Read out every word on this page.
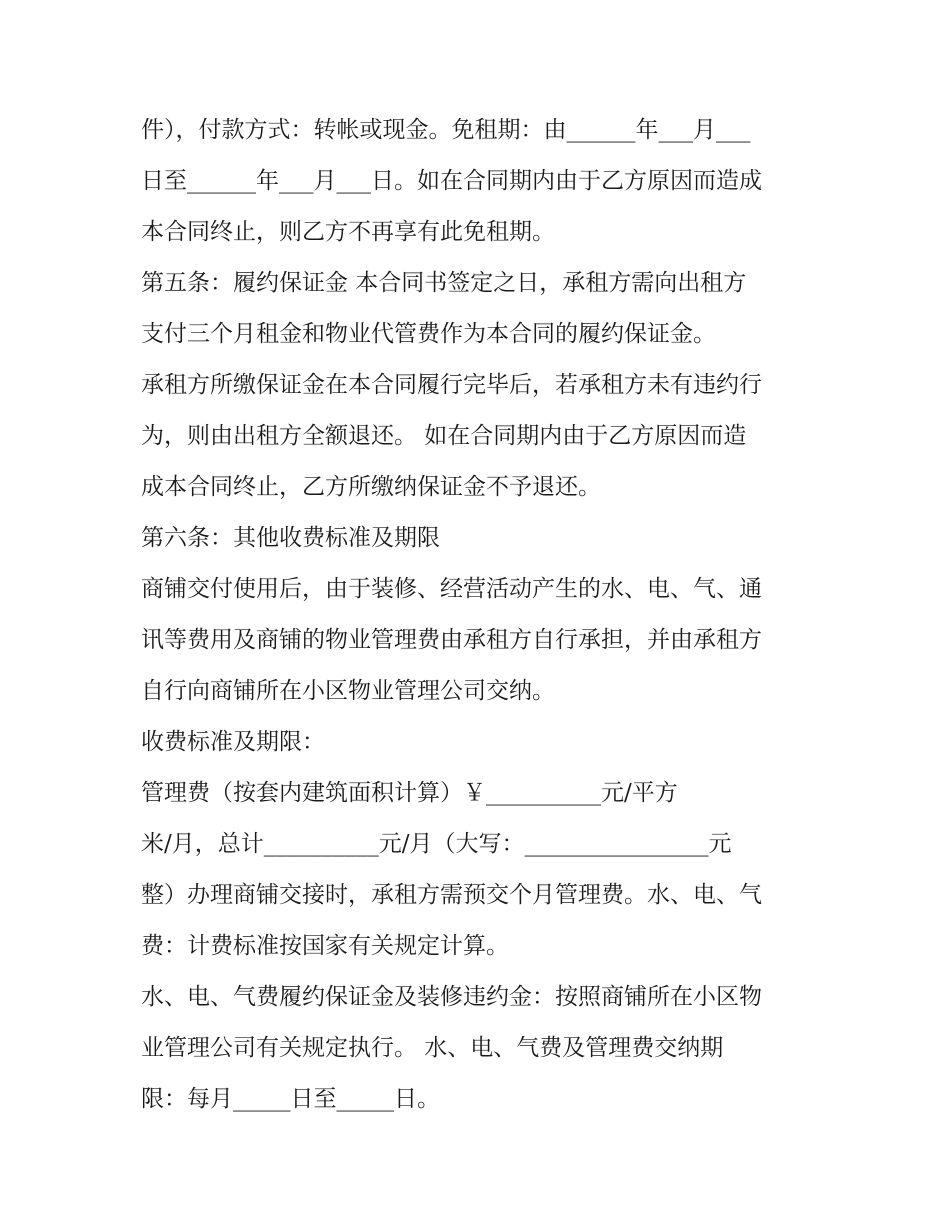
件），付款方式：转帐或现金。免租期：由______年___月___
日至______年___月___日。如在合同期内由于乙方原因而造成
本合同终止，则乙方不再享有此免租期。
第五条：履约保证金 本合同书签定之日，承租方需向出租方
支付三个月租金和物业代管费作为本合同的履约保证金。
承租方所缴保证金在本合同履行完毕后，若承租方未有违约行
为，则由出租方全额退还。 如在合同期内由于乙方原因而造
成本合同终止，乙方所缴纳保证金不予退还。
第六条：其他收费标准及期限
商铺交付使用后，由于装修、经营活动产生的水、电、气、通
讯等费用及商铺的物业管理费由承租方自行承担，并由承租方
自行向商铺所在小区物业管理公司交纳。
收费标准及期限：
管理费（按套内建筑面积计算）￥__________元/平方
米/月，总计__________元/月（大写：________________元
整）办理商铺交接时，承租方需预交个月管理费。水、电、气
费：计费标准按国家有关规定计算。
水、电、气费履约保证金及装修违约金：按照商铺所在小区物
业管理公司有关规定执行。 水、电、气费及管理费交纳期
限：每月_____日至_____日。
